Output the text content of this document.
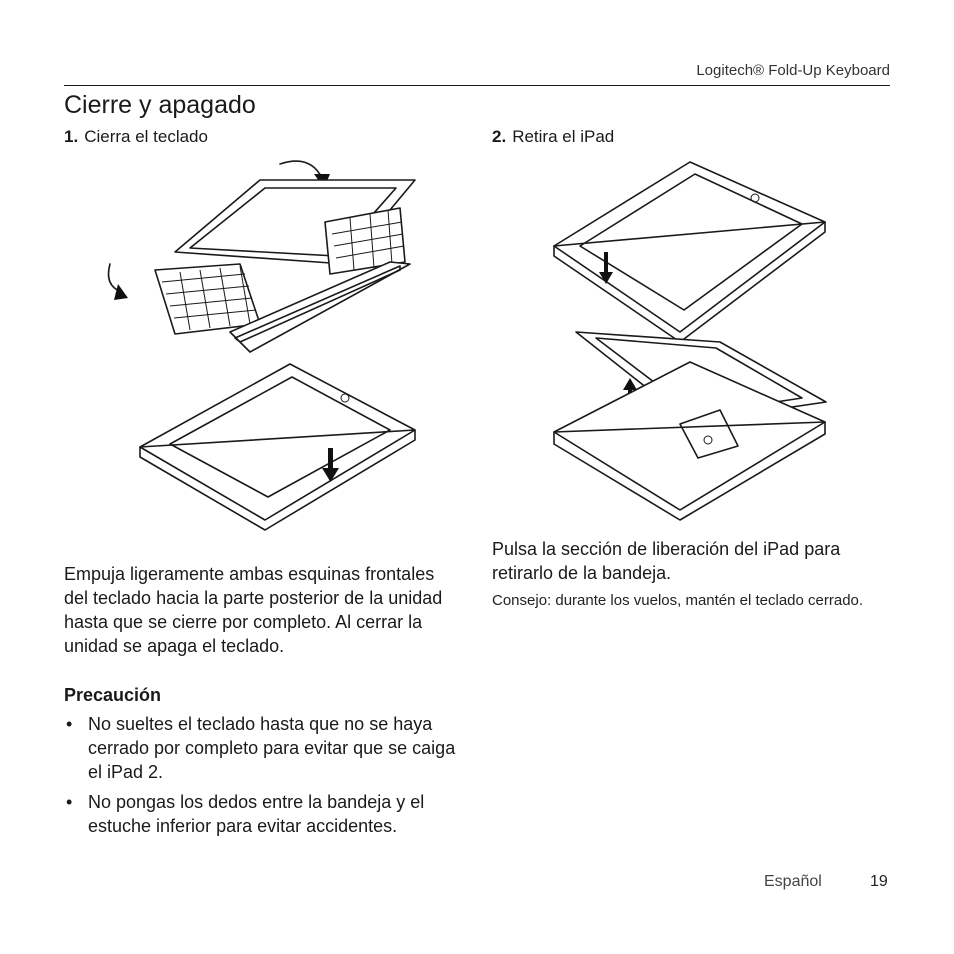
Logitech® Fold-Up Keyboard
Cierre y apagado
1. Cierra el teclado	2. Retira el iPad

Empuja ligeramente ambas esquinas frontales del teclado hacia la parte posterior de la unidad hasta que se cierre por completo. Al cerrar la unidad se apaga el teclado.

Precaución

• No sueltes el teclado hasta que no se haya cerrado por completo para evitar que se caiga el iPad 2.
• No pongas los dedos entre la bandeja y el estuche inferior para evitar accidentes.

Pulsa la sección de liberación del iPad para retirarlo de la bandeja.

Consejo: durante los vuelos, mantén el teclado cerrado.

Español	19
